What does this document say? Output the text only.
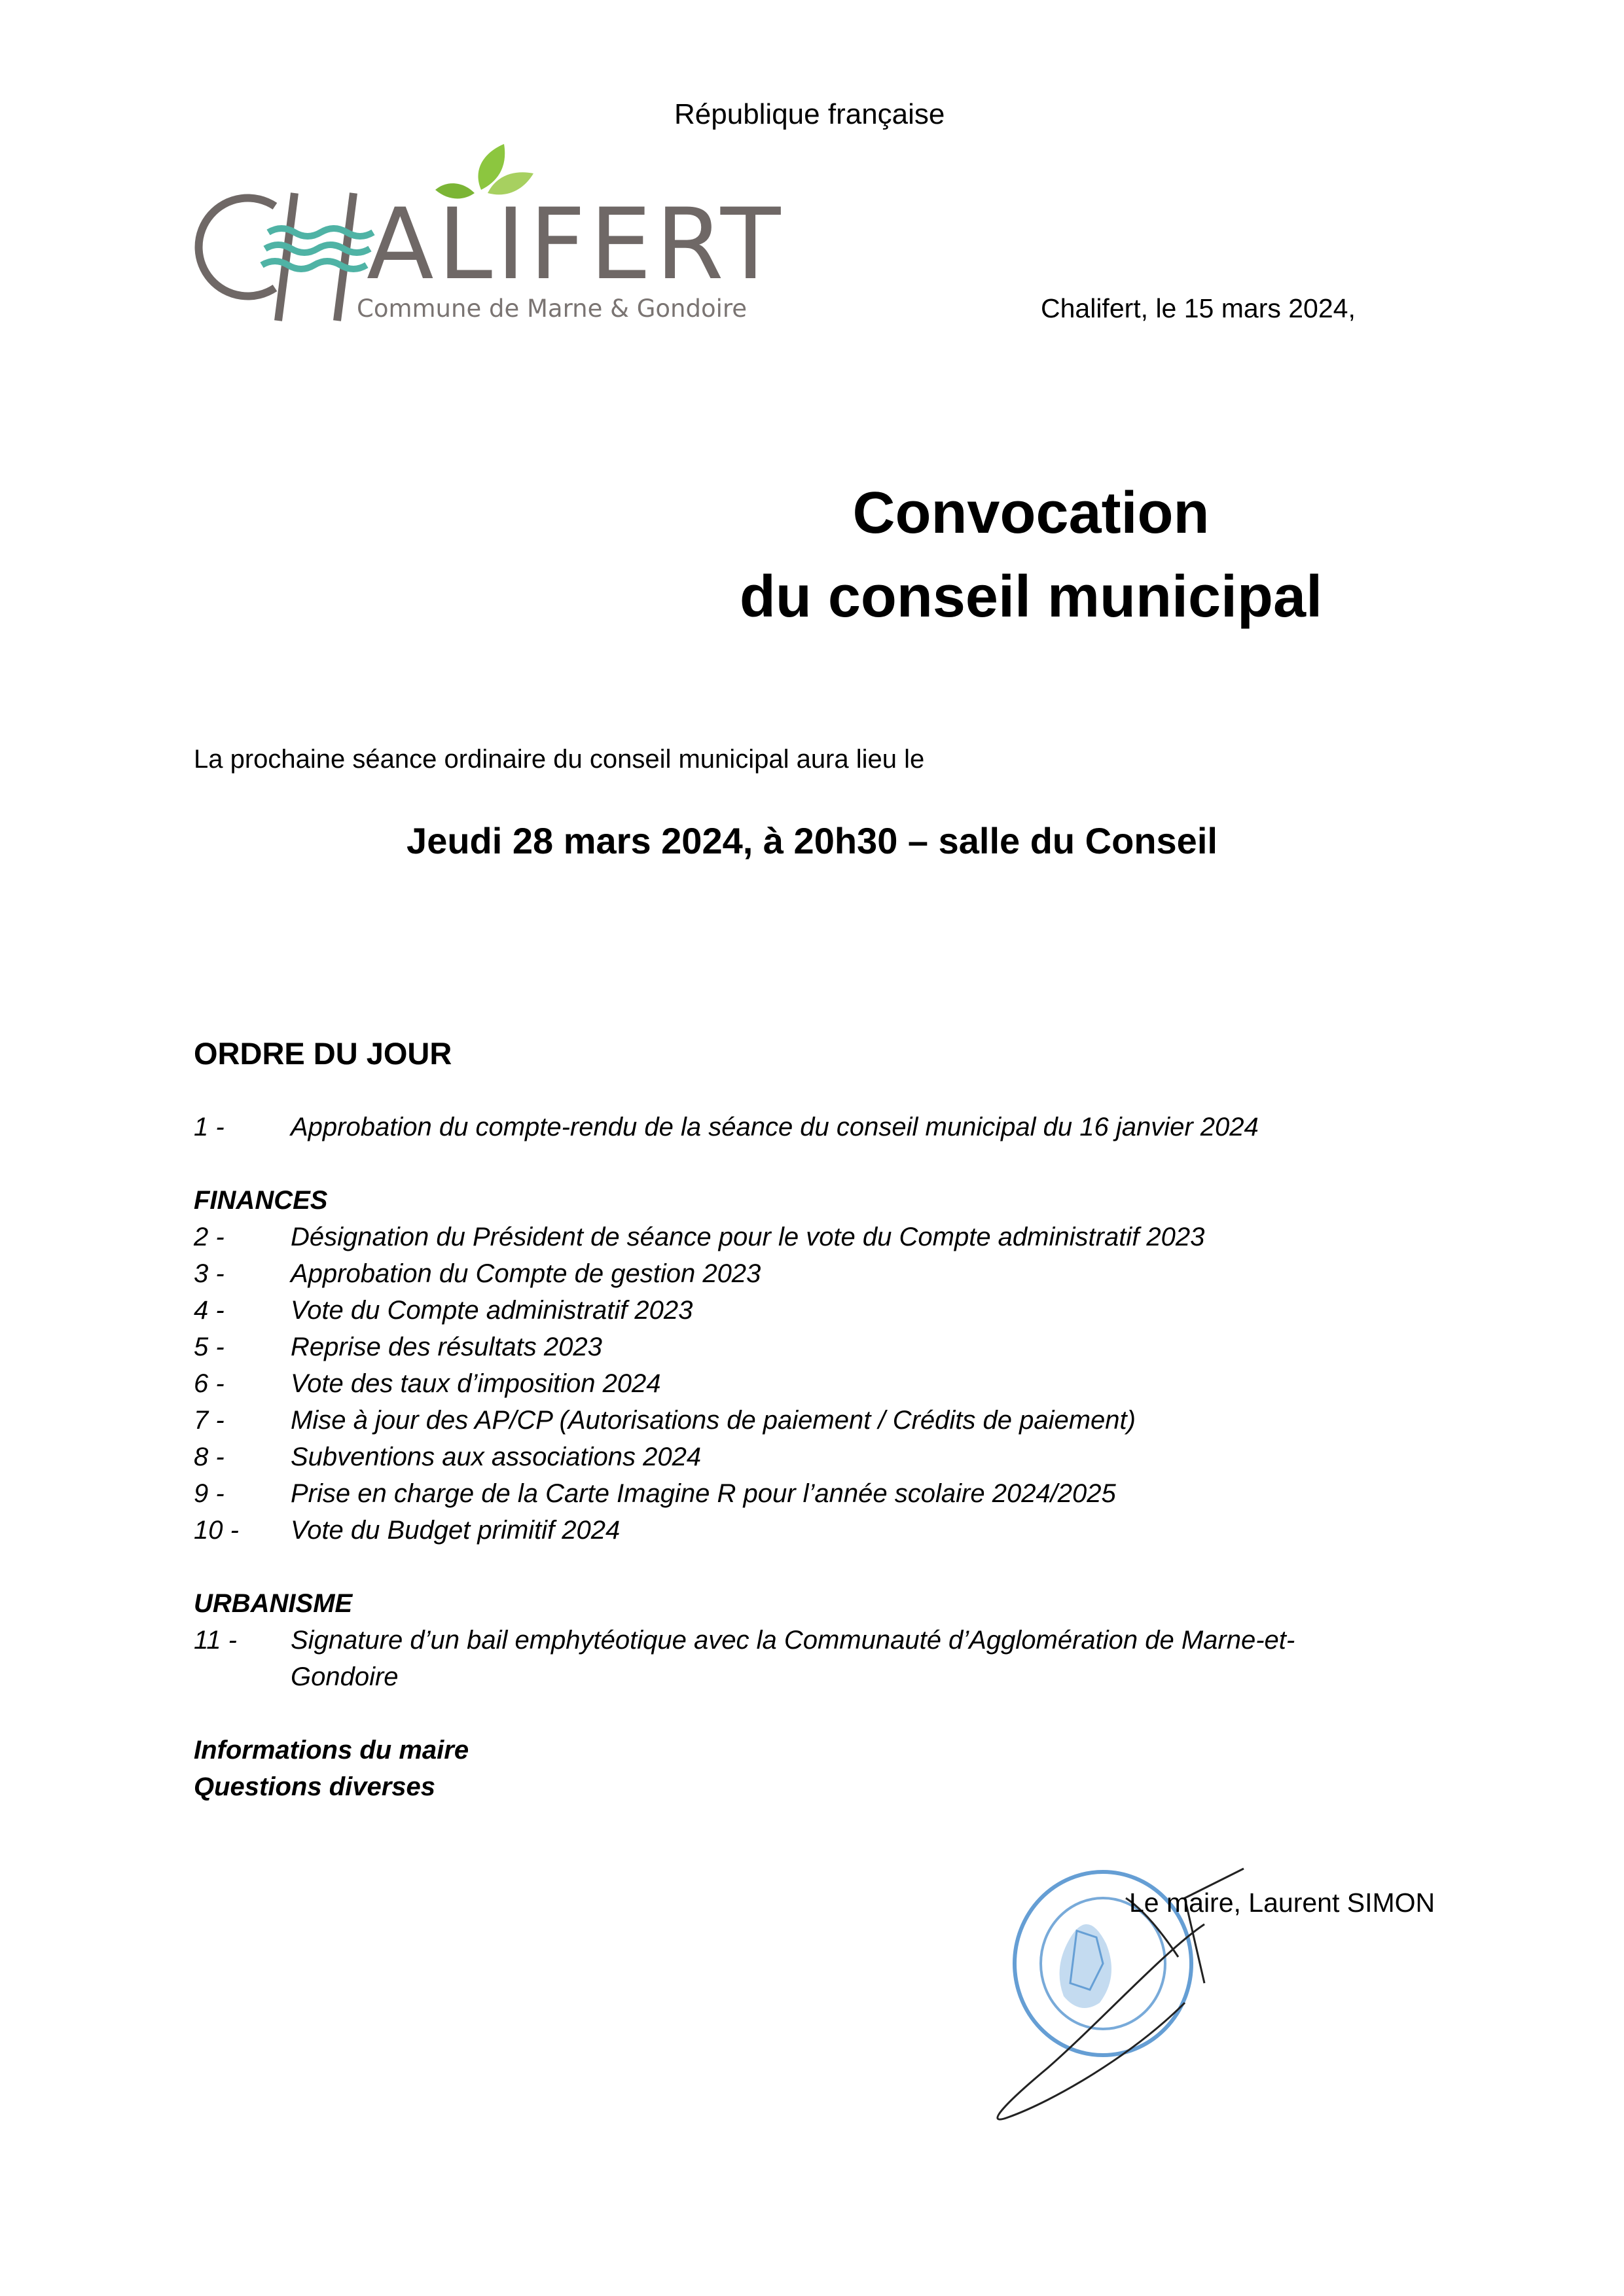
République française
ALIFERT
Commune de Marne & Gondoire	Chalifert, le 15 mars 2024,
Convocation
du conseil municipal
La prochaine séance ordinaire du conseil municipal aura lieu le
Jeudi 28 mars 2024, à 20h30 – salle du Conseil
ORDRE DU JOUR
1 -	Approbation du compte-rendu de la séance du conseil municipal du 16 janvier 2024
FINANCES
2 -	Désignation du Président de séance pour le vote du Compte administratif 2023
3 -	Approbation du Compte de gestion 2023
4 -	Vote du Compte administratif 2023
5 -	Reprise des résultats 2023
6 -	Vote des taux d’imposition 2024
7 -	Mise à jour des AP/CP (Autorisations de paiement / Crédits de paiement)
8 -	Subventions aux associations 2024
9 -	Prise en charge de la Carte Imagine R pour l’année scolaire 2024/2025
10 - Vote du Budget primitif 2024
URBANISME
11 - Signature d’un bail emphytéotique avec la Communauté d’Agglomération de Marne-et-
Gondoire
Informations du maire
Questions diverses
Le maire, Laurent SIMON
